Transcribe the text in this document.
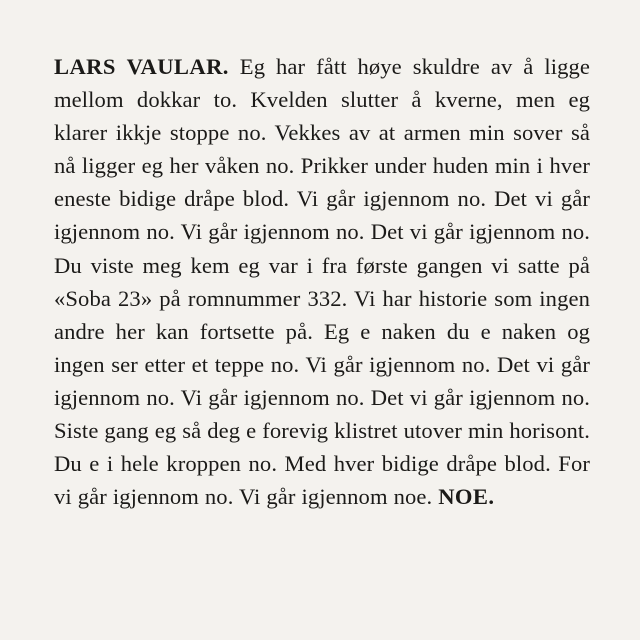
LARS VAULAR. Eg har fått høye skuldre av å ligge mellom dokkar to. Kvelden slutter å kverne, men eg klarer ikkje stoppe no. Vekkes av at armen min sover så nå ligger eg her våken no. Prikker under huden min i hver eneste bidige dråpe blod. Vi går igjennom no. Det vi går igjennom no. Vi går igjennom no. Det vi går igjennom no. Du viste meg kem eg var i fra første gangen vi satte på «Soba 23» på romnummer 332. Vi har historie som ingen andre her kan fortsette på. Eg e naken du e naken og ingen ser etter et teppe no. Vi går igjennom no. Det vi går igjennom no. Vi går igjennom no. Det vi går igjennom no. Siste gang eg så deg e forevig klistret utover min horisont. Du e i hele kroppen no. Med hver bidige dråpe blod. For vi går igjennom no. Vi går igjennom noe. NOE.
